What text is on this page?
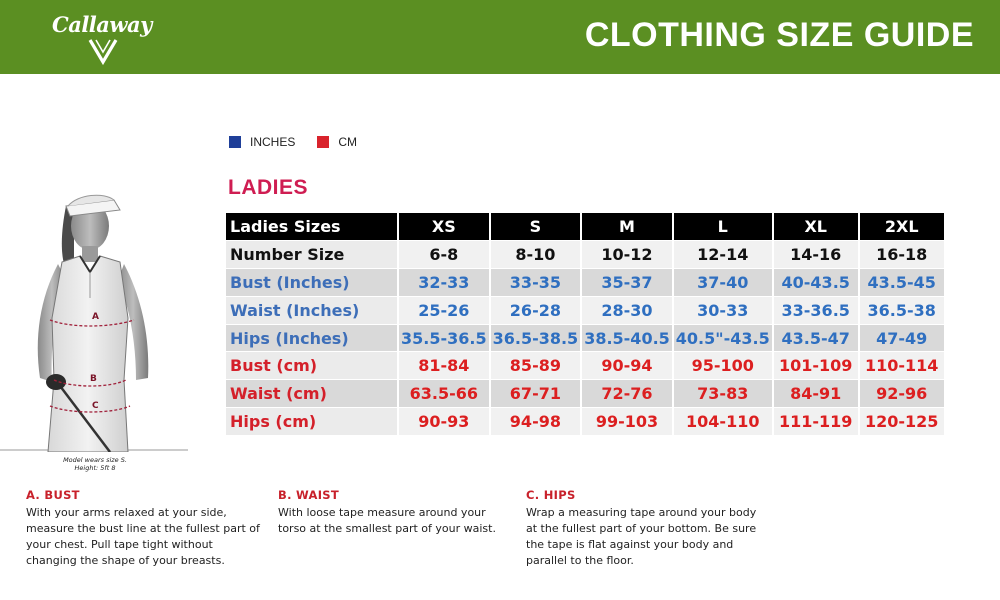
Callaway	CLOTHING SIZE GUIDE
INCHES	CM
LADIES
Ladies Sizes	XS	S	M	L	XL	2XL
Number Size	6-8	8-10	10-12	12-14	14-16	16-18
Bust (Inches)	32-33	33-35	35-37	37-40	40-43.5	43.5-45
Waist (Inches)	25-26	26-28	28-30	30-33	33-36.5	36.5-38
Hips (Inches)	35.5-36.5	36.5-38.5	38.5-40.5	40.5"-43.5	43.5-47	47-49
Bust (cm)	81-84	85-89	90-94	95-100	101-109	110-114
Waist (cm)	63.5-66	67-71	72-76	73-83	84-91	92-96
Hips (cm)	90-93	94-98	99-103	104-110	111-119	120-125
A
B
C
Model wears size S.
Height: 5ft 8
A. BUST

With your arms relaxed at your side,

measure the bust line at the fullest part of

your chest. Pull tape tight without

changing the shape of your breasts.

B. WAIST

With loose tape measure around your

torso at the smallest part of your waist.

C. HIPS

Wrap a measuring tape around your body

at the fullest part of your bottom. Be sure

the tape is flat against your body and

parallel to the floor.
